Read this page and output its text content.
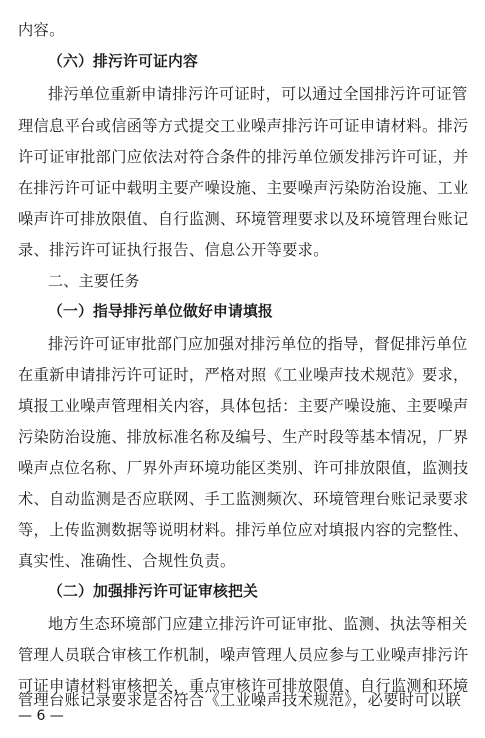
内容。
（六）排污许可证内容
排污单位重新申请排污许可证时，可以通过全国排污许可证管
理信息平台或信函等方式提交工业噪声排污许可证申请材料。排污
许可证审批部门应依法对符合条件的排污单位颁发排污许可证，并
在排污许可证中载明主要产噪设施、主要噪声污染防治设施、工业
噪声许可排放限值、自行监测、环境管理要求以及环境管理台账记
录、排污许可证执行报告、信息公开等要求。
二、主要任务
（一）指导排污单位做好申请填报
排污许可证审批部门应加强对排污单位的指导，督促排污单位
在重新申请排污许可证时，严格对照《工业噪声技术规范》要求，
填报工业噪声管理相关内容，具体包括：主要产噪设施、主要噪声
污染防治设施、排放标准名称及编号、生产时段等基本情况，厂界
噪声点位名称、厂界外声环境功能区类别、许可排放限值，监测技
术、自动监测是否应联网、手工监测频次、环境管理台账记录要求
等，上传监测数据等说明材料。排污单位应对填报内容的完整性、
真实性、准确性、合规性负责。
（二）加强排污许可证审核把关
地方生态环境部门应建立排污许可证审批、监测、执法等相关
管理人员联合审核工作机制，噪声管理人员应参与工业噪声排污许
可证申请材料审核把关，重点审核许可排放限值、自行监测和环境
管理台账记录要求是否符合《工业噪声技术规范》，必要时可以联
— 6 —
